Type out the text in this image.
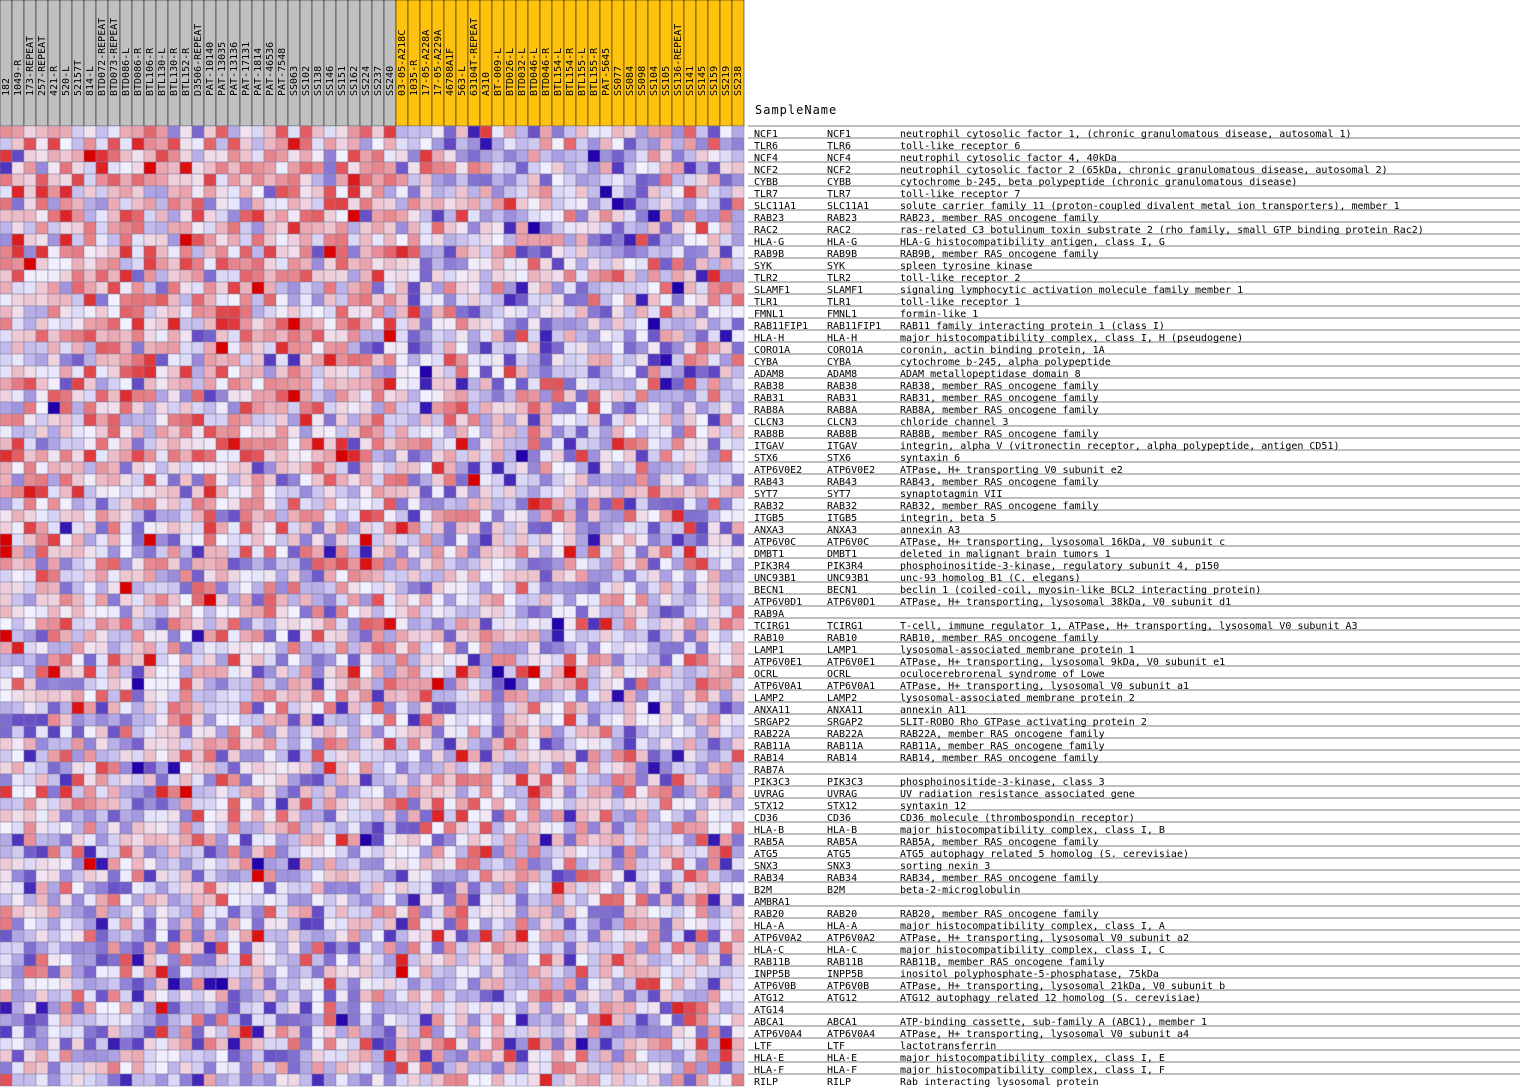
182 1049-R 173-REPEAT 257-REPEAT 421-R 520-L 52157T 814-L BTD072-REPEAT BTD073-REPEAT BTD086-L BTD086-R BTL106-R BTL130-L BTL130-R BTL152-R D3506-REPEAT PAT-10140 PAT-13035 PAT-13136 PAT-17131 PAT-1814 PAT-46536 PAT-7548 SS063 SS102 SS138 SS146 SS151 SS162 SS224 SS237 SS240 03-05-A218C 1035-R 17-05-A228A 17-05-A229A 46708A1F 563-L 63104T-REPEAT A310 BT-009-L BTD026-L BTD032-L BTD046-L BTD046-R BTL154-L BTL154-R BTL155-L BTL155-R PAT-5645 SS077 SS084 SS098 SS104 SS105 SS136-REPEAT SS141 SS145 SS159 SS219 SS238
SampleName
NCF1	NCF1	neutrophil cytosolic factor 1, (chronic granulomatous disease, autosomal 1)
TLR6	TLR6	toll-like receptor 6
NCF4	NCF4	neutrophil cytosolic factor 4, 40kDa
NCF2	NCF2	neutrophil cytosolic factor 2 (65kDa, chronic granulomatous disease, autosomal 2)
CYBB	CYBB	cytochrome b-245, beta polypeptide (chronic granulomatous disease)
TLR7	TLR7	toll-like receptor 7
SLC11A1	SLC11A1	solute carrier family 11 (proton-coupled divalent metal ion transporters), member 1
RAB23	RAB23	RAB23, member RAS oncogene family
RAC2	RAC2	ras-related C3 botulinum toxin substrate 2 (rho family, small GTP binding protein Rac2)
HLA-G	HLA-G	HLA-G histocompatibility antigen, class I, G
RAB9B	RAB9B	RAB9B, member RAS oncogene family
SYK	SYK	spleen tyrosine kinase
TLR2	TLR2	toll-like receptor 2
SLAMF1	SLAMF1	signaling lymphocytic activation molecule family member 1
TLR1	TLR1	toll-like receptor 1
FMNL1	FMNL1	formin-like 1
RAB11FIP1 RAB11FIP1 RAB11 family interacting protein 1 (class I)
HLA-H	HLA-H	major histocompatibility complex, class I, H (pseudogene)
CORO1A	CORO1A	coronin, actin binding protein, 1A
CYBA	CYBA	cytochrome b-245, alpha polypeptide
ADAM8	ADAM8	ADAM metallopeptidase domain 8
RAB38	RAB38	RAB38, member RAS oncogene family
RAB31	RAB31	RAB31, member RAS oncogene family
RAB8A	RAB8A	RAB8A, member RAS oncogene family
CLCN3	CLCN3	chloride channel 3
RAB8B	RAB8B	RAB8B, member RAS oncogene family
ITGAV	ITGAV	integrin, alpha V (vitronectin receptor, alpha polypeptide, antigen CD51)
STX6	STX6	syntaxin 6
ATP6V0E2 ATP6V0E2 ATPase, H+ transporting V0 subunit e2
RAB43	RAB43	RAB43, member RAS oncogene family
SYT7	SYT7	synaptotagmin VII
RAB32	RAB32	RAB32, member RAS oncogene family
ITGB5	ITGB5	integrin, beta 5
ANXA3	ANXA3	annexin A3
ATP6V0C	ATP6V0C	ATPase, H+ transporting, lysosomal 16kDa, V0 subunit c
DMBT1	DMBT1	deleted in malignant brain tumors 1
PIK3R4	PIK3R4	phosphoinositide-3-kinase, regulatory subunit 4, p150
UNC93B1	UNC93B1	unc-93 homolog B1 (C. elegans)
BECN1	BECN1	beclin 1 (coiled-coil, myosin-like BCL2 interacting protein)
ATP6V0D1 ATP6V0D1 ATPase, H+ transporting, lysosomal 38kDa, V0 subunit d1
RAB9A
TCIRG1	TCIRG1	T-cell, immune regulator 1, ATPase, H+ transporting, lysosomal V0 subunit A3
RAB10	RAB10	RAB10, member RAS oncogene family
LAMP1	LAMP1	lysosomal-associated membrane protein 1
ATP6V0E1 ATP6V0E1 ATPase, H+ transporting, lysosomal 9kDa, V0 subunit e1
OCRL	OCRL	oculocerebrorenal syndrome of Lowe
ATP6V0A1 ATP6V0A1 ATPase, H+ transporting, lysosomal V0 subunit a1
LAMP2	LAMP2	lysosomal-associated membrane protein 2
ANXA11	ANXA11	annexin A11
SRGAP2	SRGAP2	SLIT-ROBO Rho GTPase activating protein 2
RAB22A	RAB22A	RAB22A, member RAS oncogene family
RAB11A	RAB11A	RAB11A, member RAS oncogene family
RAB14	RAB14	RAB14, member RAS oncogene family
RAB7A
PIK3C3	PIK3C3	phosphoinositide-3-kinase, class 3
UVRAG	UVRAG	UV radiation resistance associated gene
STX12	STX12	syntaxin 12
CD36	CD36	CD36 molecule (thrombospondin receptor)
HLA-B	HLA-B	major histocompatibility complex, class I, B
RAB5A	RAB5A	RAB5A, member RAS oncogene family
ATG5	ATG5	ATG5 autophagy related 5 homolog (S. cerevisiae)
SNX3	SNX3	sorting nexin 3
RAB34	RAB34	RAB34, member RAS oncogene family
B2M	B2M	beta-2-microglobulin
AMBRA1
RAB20	RAB20	RAB20, member RAS oncogene family
HLA-A	HLA-A	major histocompatibility complex, class I, A
ATP6V0A2 ATP6V0A2 ATPase, H+ transporting, lysosomal V0 subunit a2
HLA-C	HLA-C	major histocompatibility complex, class I, C
RAB11B	RAB11B	RAB11B, member RAS oncogene family
INPP5B	INPP5B	inositol polyphosphate-5-phosphatase, 75kDa
ATP6V0B	ATP6V0B	ATPase, H+ transporting, lysosomal 21kDa, V0 subunit b
ATG12	ATG12	ATG12 autophagy related 12 homolog (S. cerevisiae)
ATG14
ABCA1	ABCA1	ATP-binding cassette, sub-family A (ABC1), member 1
ATP6V0A4 ATP6V0A4 ATPase, H+ transporting, lysosomal V0 subunit a4
LTF	LTF	lactotransferrin
HLA-E	HLA-E	major histocompatibility complex, class I, E
HLA-F	HLA-F	major histocompatibility complex, class I, F
RILP	RILP	Rab interacting lysosomal protein
